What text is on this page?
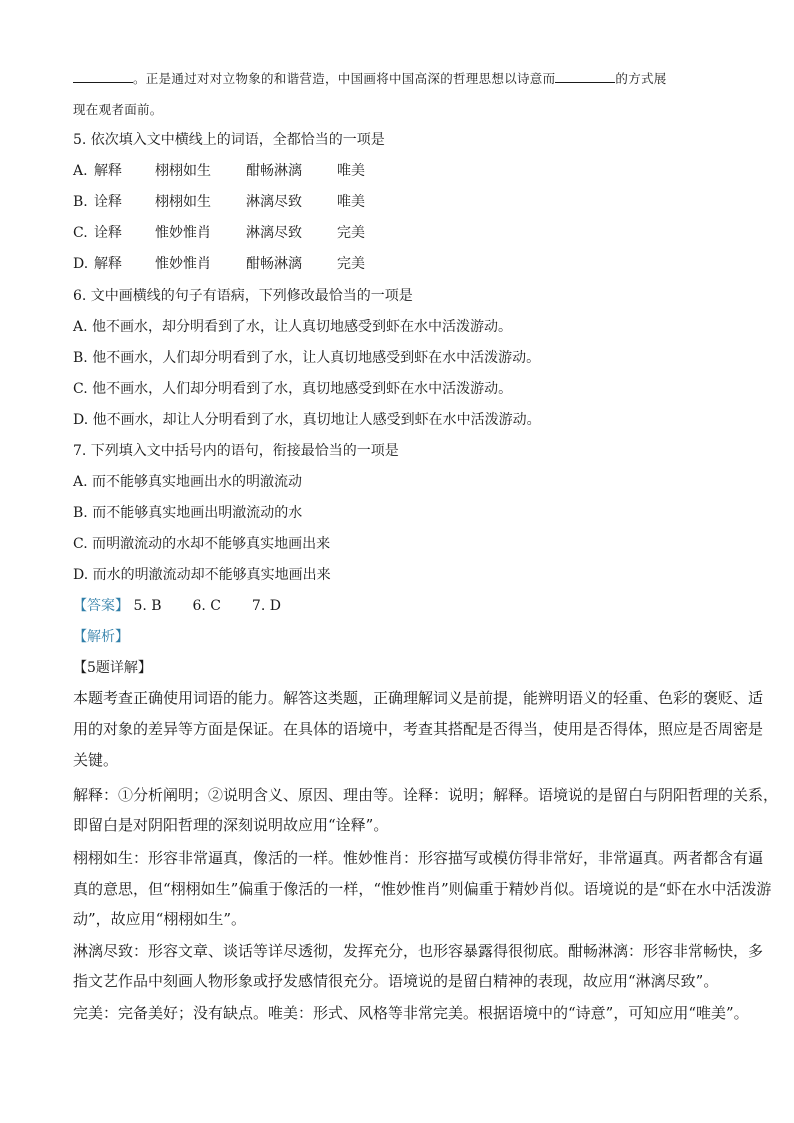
。正是通过对对立物象的和谐营造，中国画将中国高深的哲理思想以诗意而	的方式展
现在观者面前。
5. 依次填入文中横线上的词语，全都恰当的一项是
A. 解释 栩栩如生	酣畅淋漓	唯美
B. 诠释 栩栩如生	淋漓尽致	唯美
C. 诠释 惟妙惟肖	淋漓尽致	完美
D. 解释 惟妙惟肖	酣畅淋漓	完美
6. 文中画横线的句子有语病，下列修改最恰当的一项是
A. 他不画水，却分明看到了水，让人真切地感受到虾在水中活泼游动。
B. 他不画水，人们却分明看到了水，让人真切地感受到虾在水中活泼游动。
C. 他不画水，人们却分明看到了水，真切地感受到虾在水中活泼游动。
D. 他不画水，却让人分明看到了水，真切地让人感受到虾在水中活泼游动。
7. 下列填入文中括号内的语句，衔接最恰当的一项是
A. 而不能够真实地画出水的明澈流动
B. 而不能够真实地画出明澈流动的水
C. 而明澈流动的水却不能够真实地画出来
D. 而水的明澈流动却不能够真实地画出来
【答案】 5. B 6. C 7. D
【解析】
【5题详解】
本题考查正确使用词语的能力。解答这类题，正确理解词义是前提，能辨明语义的轻重、色彩的褒贬、适
用的对象的差异等方面是保证。在具体的语境中，考查其搭配是否得当，使用是否得体，照应是否周密是
关键。
解释：①分析阐明；②说明含义、原因、理由等。诠释：说明；解释。语境说的是留白与阴阳哲理的关系，
即留白是对阴阳哲理的深刻说明故应用“诠释”。
栩栩如生：形容非常逼真，像活的一样。惟妙惟肖：形容描写或模仿得非常好，非常逼真。两者都含有逼
真的意思，但“栩栩如生”偏重于像活的一样，“惟妙惟肖”则偏重于精妙肖似。语境说的是“虾在水中活泼游
动”，故应用“栩栩如生”。
淋漓尽致：形容文章、谈话等详尽透彻，发挥充分，也形容暴露得很彻底。酣畅淋漓：形容非常畅快，多
指文艺作品中刻画人物形象或抒发感情很充分。语境说的是留白精神的表现，故应用“淋漓尽致”。
完美：完备美好；没有缺点。唯美：形式、风格等非常完美。根据语境中的“诗意”，可知应用“唯美”。
